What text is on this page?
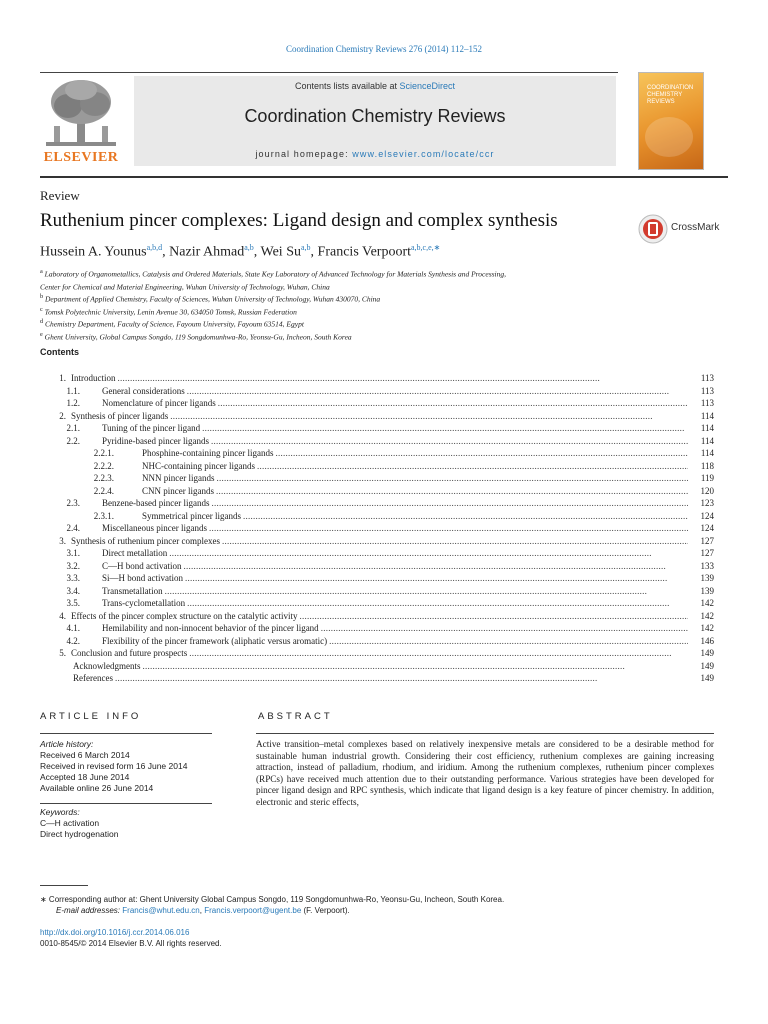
Coordination Chemistry Reviews 276 (2014) 112–152
ELSEVIER
Contents lists available at ScienceDirect
Coordination Chemistry Reviews
journal homepage: www.elsevier.com/locate/ccr
COORDINATION CHEMISTRY REVIEWS
Review
Ruthenium pincer complexes: Ligand design and complex synthesis	CrossMark
Hussein A. Younus$^{a,b,d}$, Nazir Ahmad$^{a,b}$, Wei Su$^{a,b}$, Francis Verpoort$^{a,b,c,e,∗}$
$^a$ Laboratory of Organometallics, Catalysis and Ordered Materials, State Key Laboratory of Advanced Technology for Materials Synthesis and Processing,
Center for Chemical and Material Engineering, Wuhan University of Technology, Wuhan, China
$^b$ Department of Applied Chemistry, Faculty of Sciences, Wuhan University of Technology, Wuhan 430070, China
$^c$ Tomsk Polytechnic University, Lenin Avenue 30, 634050 Tomsk, Russian Federation
$^d$ Chemistry Department, Faculty of Science, Fayoum University, Fayoum 63514, Egypt
$^e$ Ghent University, Global Campus Songdo, 119 Songdomunhwa-Ro, Yeonsu-Gu, Incheon, South Korea
Contents
1. Introduction . . .	113
1.1. General considerations . . .	113
1.2. Nomenclature of pincer ligands . . .	113
2. Synthesis of pincer ligands . . .	114
2.1. Tuning of the pincer ligand . . .	114
2.2. Pyridine-based pincer ligands . . .	114
2.2.1.	Phosphine-containing pincer ligands . . .	114
2.2.2.	NHC-containing pincer ligands . . .	118
2.2.3.	NNN pincer ligands . . .	119
2.2.4.	CNN pincer ligands . . .	120
2.3. Benzene-based pincer ligands . . .	123
2.3.1.	Symmetrical pincer ligands . . .	124
2.4. Miscellaneous pincer ligands . . .	124
3. Synthesis of ruthenium pincer complexes . . .	127
3.1. Direct metallation . . .	127
3.2. C—H bond activation . . .	133
3.3. Si—H bond activation . . .	139
3.4. Transmetallation . . .	139
3.5. Trans-cyclometallation . . .	142
4. Effects of the pincer complex structure on the catalytic activity . . .	142
4.1. Hemilability and non-innocent behavior of the pincer ligand . . .	142
4.2. Flexibility of the pincer framework (aliphatic versus aromatic) . . .	146
5. Conclusion and future prospects . . .	149
Acknowledgments . . .	149
References . . .	149
ARTICLE INFO	ABSTRACT
Article history:
Received 6 March 2014
Received in revised form 16 June 2014
Accepted 18 June 2014
Available online 26 June 2014
Keywords:
C—H activation
Direct hydrogenation
Active transition–metal complexes based on relatively inexpensive metals are considered to be a desirable method for sustainable human industrial growth. Considering their cost efficiency, ruthenium complexes are gaining increasing attraction, instead of palladium, rhodium, and iridium. Among the ruthenium complexes, ruthenium pincer complexes (RPCs) have received much attention due to their outstanding performance. Various strategies have been developed for pincer ligand design and RPC synthesis, which indicate that ligand design is a key feature of pincer chemistry. In addition, electronic and steric effects,
∗ Corresponding author at: Ghent University Global Campus Songdo, 119 Songdomunhwa-Ro, Yeonsu-Gu, Incheon, South Korea.
E-mail addresses: Francis@whut.edu.cn, Francis.verpoort@ugent.be (F. Verpoort).
http://dx.doi.org/10.1016/j.ccr.2014.06.016
0010-8545/© 2014 Elsevier B.V. All rights reserved.
